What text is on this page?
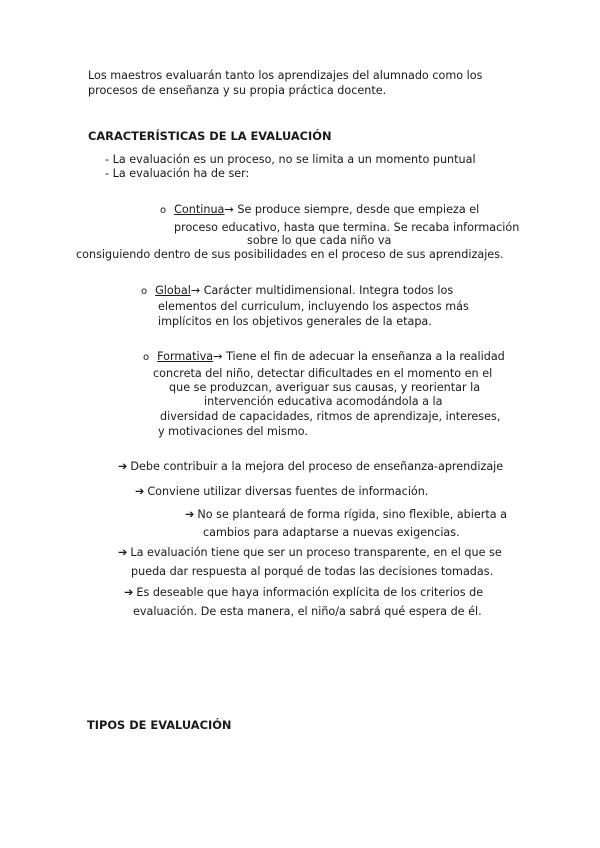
Los maestros evaluarán tanto los aprendizajes del alumnado como los
procesos de enseñanza y su propia práctica docente.
CARACTERÍSTICAS DE LA EVALUACIÓN
- La evaluación es un proceso, no se limita a un momento puntual
- La evaluación ha de ser:
o Continua→ Se produce siempre, desde que empieza el
proceso educativo, hasta que termina. Se recaba información
sobre lo que cada niño va
consiguiendo dentro de sus posibilidades en el proceso de sus aprendizajes.
o Global→ Carácter multidimensional. Integra todos los
elementos del curriculum, incluyendo los aspectos más
implícitos en los objetivos generales de la etapa.
o Formativa→ Tiene el fin de adecuar la enseñanza a la realidad
concreta del niño, detectar dificultades en el momento en el
que se produzcan, averiguar sus causas, y reorientar la
intervención educativa acomodándola a la
diversidad de capacidades, ritmos de aprendizaje, intereses,
y motivaciones del mismo.
➔ Debe contribuir a la mejora del proceso de enseñanza-aprendizaje
➔ Conviene utilizar diversas fuentes de información.
➔ No se planteará de forma rígida, sino flexible, abierta a
cambios para adaptarse a nuevas exigencias.
➔ La evaluación tiene que ser un proceso transparente, en el que se
pueda dar respuesta al porqué de todas las decisiones tomadas.
➔ Es deseable que haya información explícita de los criterios de
evaluación. De esta manera, el niño/a sabrá qué espera de él.
TIPOS DE EVALUACIÓN
